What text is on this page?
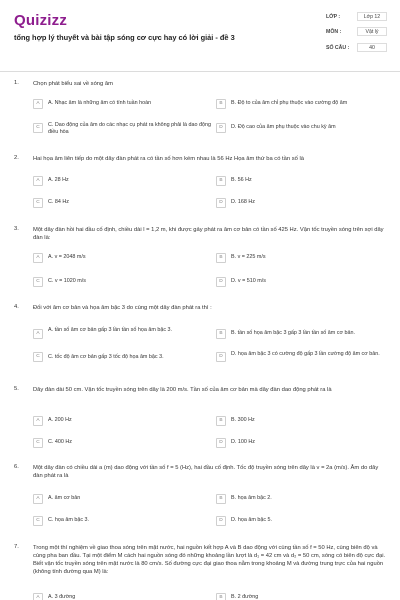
Quizizz
tổng hợp lý thuyết và bài tập sóng cơ cực hay có lời giải - đề 3
LỚP :	Lớp 12
MÔN :	Vật lý
SỐ CÂU :	40
1. Chọn phát biểu sai về sóng âm
A	A. Nhạc âm là những âm có tính tuần hoàn	B	B. Độ to của âm chỉ phụ thuộc vào cường độ âm
C	C. Dao động của âm do các nhạc cụ phát ra không phải là dao động điều hòa
D	D. Độ cao của âm phụ thuộc vào chu kỳ âm
2. Hai họa âm liên tiếp do một dây đàn phát ra có tần số hơn kém nhau là 56 Hz Họa âm thứ ba có tần số là
A	A. 28 Hz	B	B. 56 Hz
C	C. 84 Hz	D	D. 168 Hz
3. Một dây đàn hồi hai đầu cố định, chiều dài l = 1,2 m, khi được gảy phát ra âm cơ bản có tần số 425 Hz. Vận tốc truyền sóng trên sợi dây đàn là:
A	A. v = 2048 m/s	B	B. v = 225 m/s
C	C. v = 1020 m/s	D	D. v = 510 m/s
4. Đối với âm cơ bản và họa âm bậc 3 do cùng một dây đàn phát ra thì :
A
A. tần số âm cơ bản gấp 3 lần tần số họa âm bậc 3.
B	B. tần số họa âm bậc 3 gấp 3 lần tần số âm cơ bản.
C	C. tốc độ âm cơ bản gấp 3 tốc độ họa âm bậc 3.	D	D. họa âm bậc 3 có cường độ gấp 3 lần cường độ âm cơ bản.
5. Dây đàn dài 50 cm. Vận tốc truyền sóng trên dây là 200 m/s. Tần số của âm cơ bản mà dây đàn dao động phát ra là
A	A. 200 Hz	B	B. 300 Hz
C	C. 400 Hz	D	D. 100 Hz
6. Một dây đàn có chiều dài a (m) dao động với tần số f = 5 (Hz), hai đầu cố định. Tốc độ truyền sóng trên dây là v = 2a (m/s). Âm do dây đàn phát ra là
A	A. âm cơ bản	B	B. họa âm bậc 2.
C	C. họa âm bậc 3.	D	D. họa âm bậc 5.
7. Trong một thí nghiệm về giao thoa sóng trên mặt nước, hai nguồn kết hợp A và B dao động với cùng tần số f = 50 Hz, cùng biên độ và cùng pha ban đầu. Tại một điểm M cách hai nguồn sóng đó những khoảng lần lượt là d₁ = 42 cm và d₂ = 50 cm, sóng có biên độ cực đại. Biết vận tốc truyền sóng trên mặt nước là 80 cm/s. Số đường cực đại giao thoa nằm trong khoảng M và đường trung trực của hai nguồn (không tính đường qua M) là:
A	A. 3 đường	B	B. 2 đường
